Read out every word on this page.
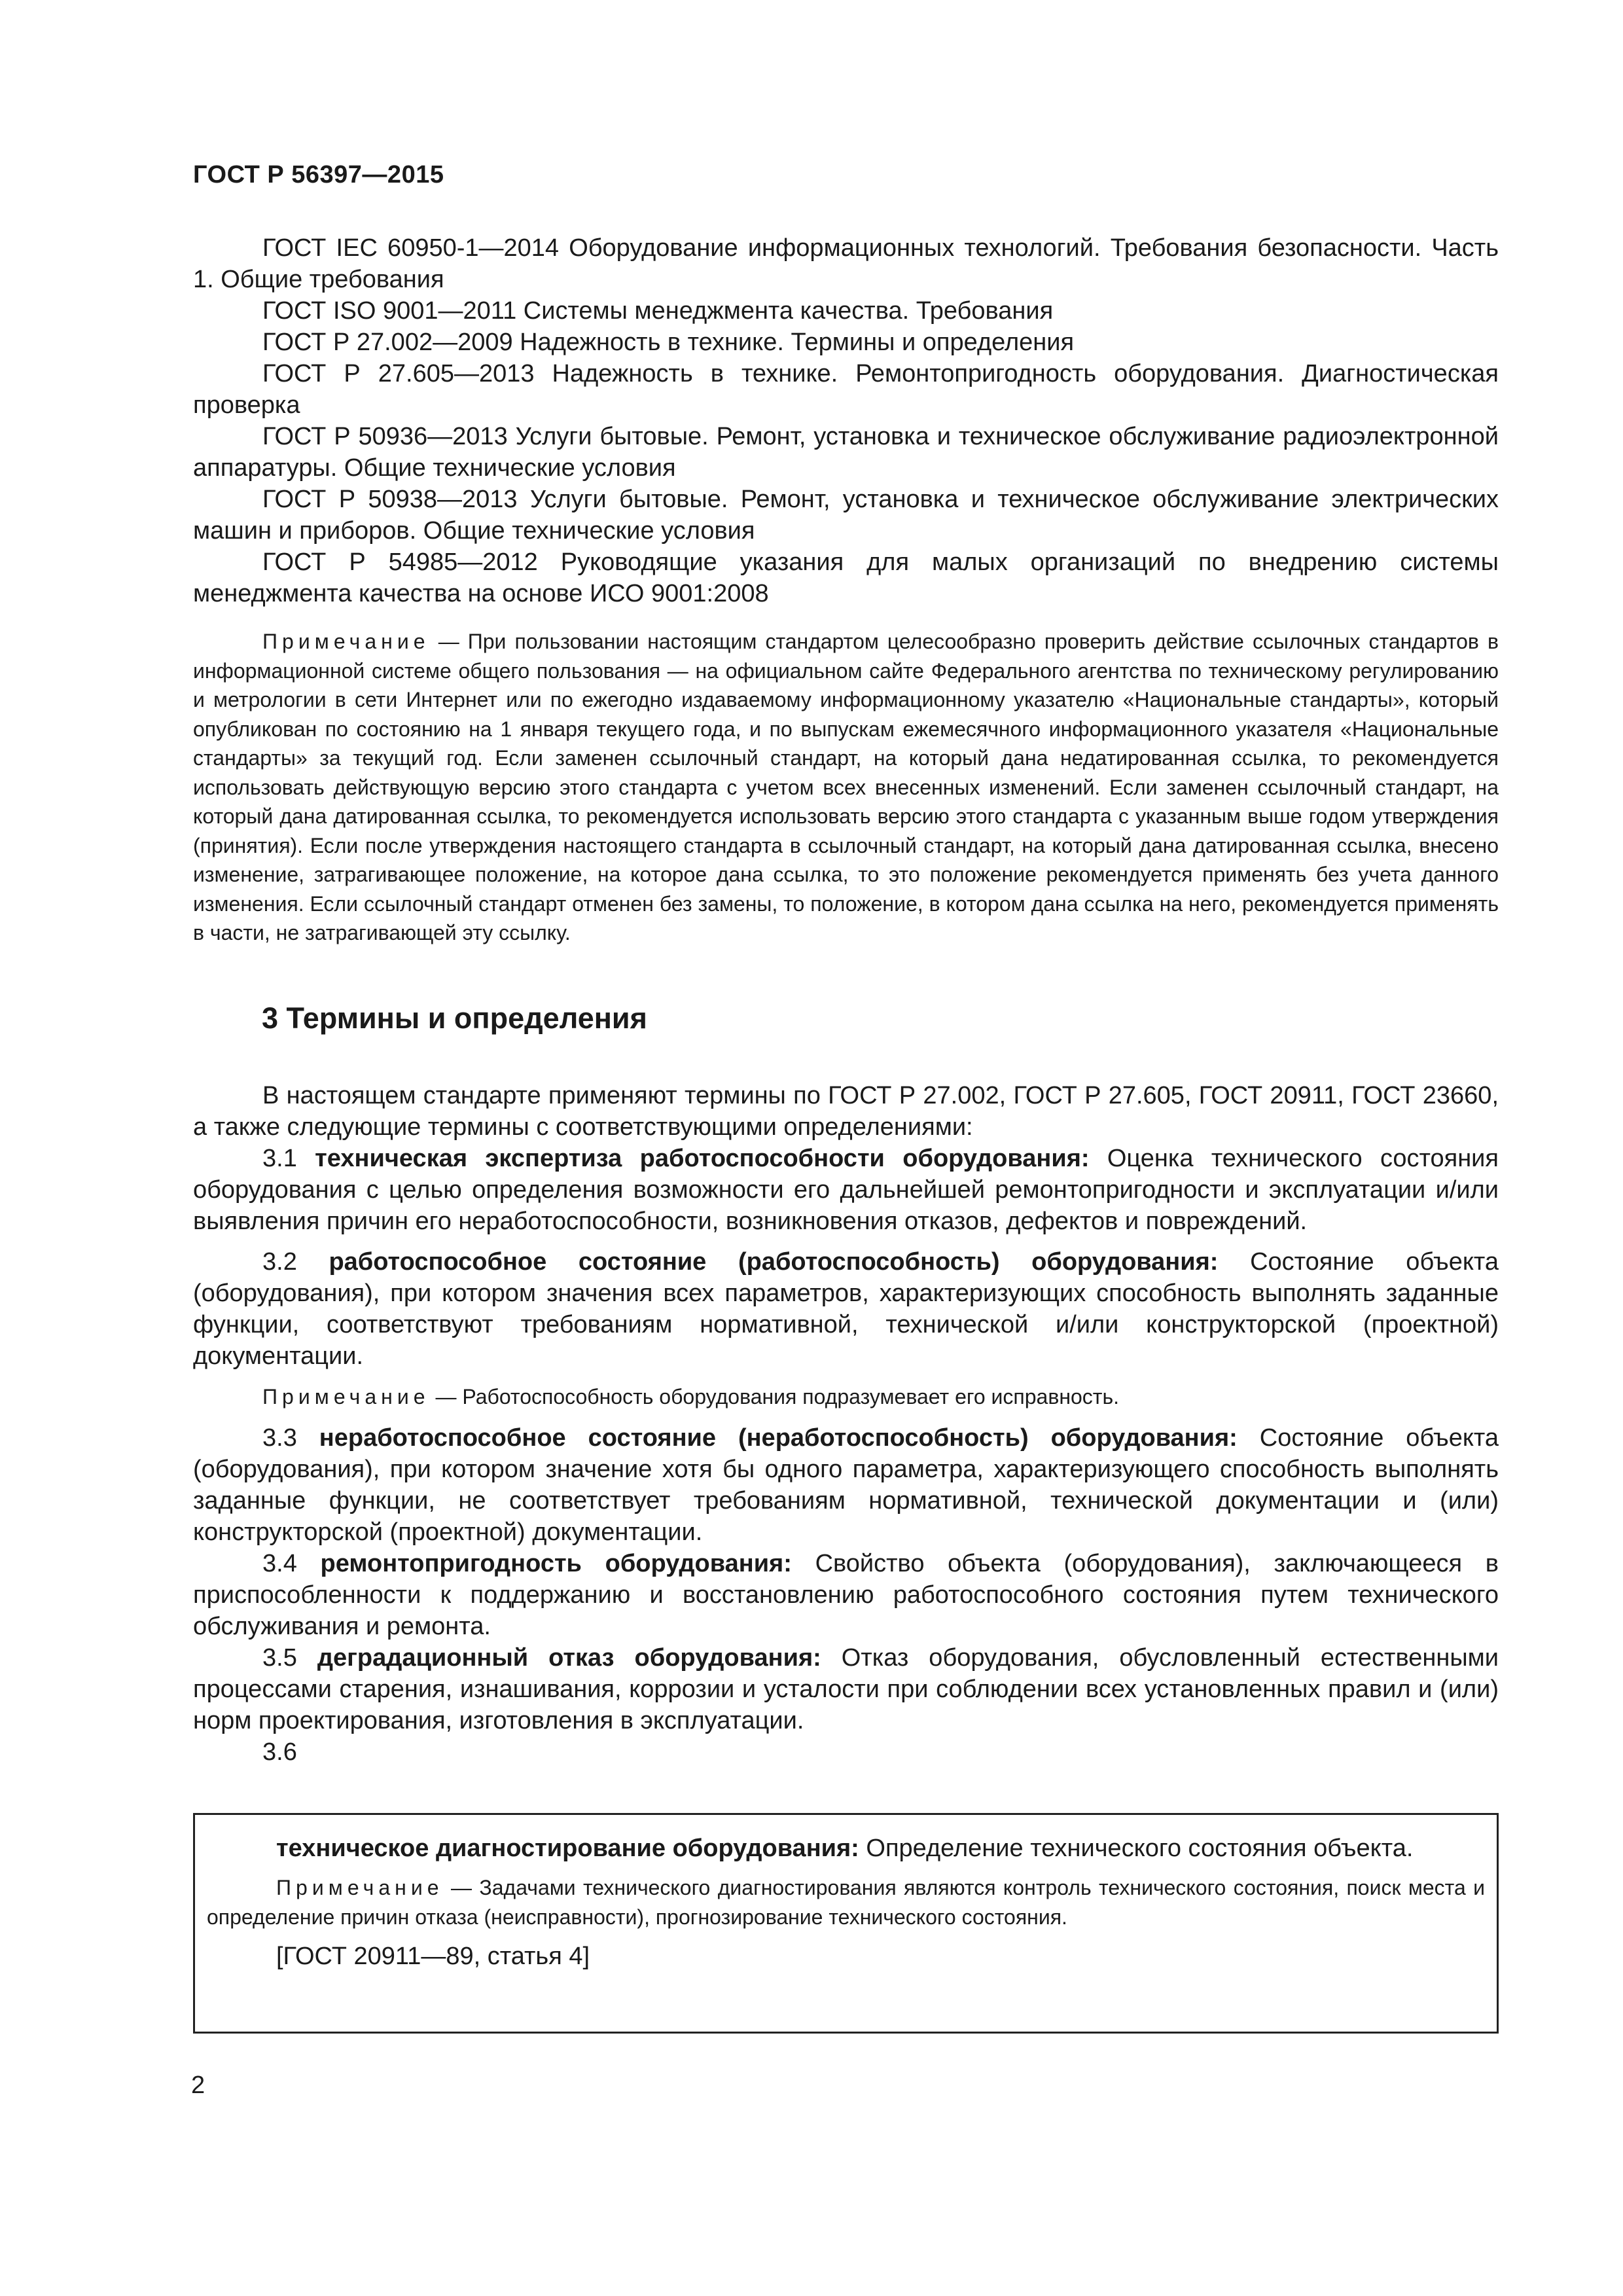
ГОСТ Р 56397—2015

ГОСТ IEC 60950-1—2014 Оборудование информационных технологий. Требования безопасности. Часть 1. Общие требования

ГОСТ ISO 9001—2011 Системы менеджмента качества. Требования

ГОСТ Р 27.002—2009 Надежность в технике. Термины и определения

ГОСТ Р 27.605—2013 Надежность в технике. Ремонтопригодность оборудования. Диагностическая проверка

ГОСТ Р 50936—2013 Услуги бытовые. Ремонт, установка и техническое обслуживание радиоэлектронной аппаратуры. Общие технические условия

ГОСТ Р 50938—2013 Услуги бытовые. Ремонт, установка и техническое обслуживание электрических машин и приборов. Общие технические условия

ГОСТ Р 54985—2012 Руководящие указания для малых организаций по внедрению системы менеджмента качества на основе ИСО 9001:2008

Примечание — При пользовании настоящим стандартом целесообразно проверить действие ссылочных стандартов в информационной системе общего пользования — на официальном сайте Федерального агентства по техническому регулированию и метрологии в сети Интернет или по ежегодно издаваемому информационному указателю «Национальные стандарты», который опубликован по состоянию на 1 января текущего года, и по выпускам ежемесячного информационного указателя «Национальные стандарты» за текущий год. Если заменен ссылочный стандарт, на который дана недатированная ссылка, то рекомендуется использовать действующую версию этого стандарта с учетом всех внесенных изменений. Если заменен ссылочный стандарт, на который дана датированная ссылка, то рекомендуется использовать версию этого стандарта с указанным выше годом утверждения (принятия). Если после утверждения настоящего стандарта в ссылочный стандарт, на который дана датированная ссылка, внесено изменение, затрагивающее положение, на которое дана ссылка, то это положение рекомендуется применять без учета данного изменения. Если ссылочный стандарт отменен без замены, то положение, в котором дана ссылка на него, рекомендуется применять в части, не затрагивающей эту ссылку.

3 Термины и определения

В настоящем стандарте применяют термины по ГОСТ Р 27.002, ГОСТ Р 27.605, ГОСТ 20911, ГОСТ 23660, а также следующие термины с соответствующими определениями:

3.1 техническая экспертиза работоспособности оборудования: Оценка технического состояния оборудования с целью определения возможности его дальнейшей ремонтопригодности и эксплуатации и/или выявления причин его неработоспособности, возникновения отказов, дефектов и повреждений.

3.2 работоспособное состояние (работоспособность) оборудования: Состояние объекта (оборудования), при котором значения всех параметров, характеризующих способность выполнять заданные функции, соответствуют требованиям нормативной, технической и/или конструкторской (проектной) документации.

Примечание — Работоспособность оборудования подразумевает его исправность.

3.3 неработоспособное состояние (неработоспособность) оборудования: Состояние объекта (оборудования), при котором значение хотя бы одного параметра, характеризующего способность выполнять заданные функции, не соответствует требованиям нормативной, технической документации и (или) конструкторской (проектной) документации.

3.4 ремонтопригодность оборудования: Свойство объекта (оборудования), заключающееся в приспособленности к поддержанию и восстановлению работоспособного состояния путем технического обслуживания и ремонта.

3.5 деградационный отказ оборудования: Отказ оборудования, обусловленный естественными процессами старения, изнашивания, коррозии и усталости при соблюдении всех установленных правил и (или) норм проектирования, изготовления в эксплуатации.

3.6

техническое диагностирование оборудования: Определение технического состояния объекта.

Примечание — Задачами технического диагностирования являются контроль технического состояния, поиск места и определение причин отказа (неисправности), прогнозирование технического состояния.

[ГОСТ 20911—89, статья 4]

2
